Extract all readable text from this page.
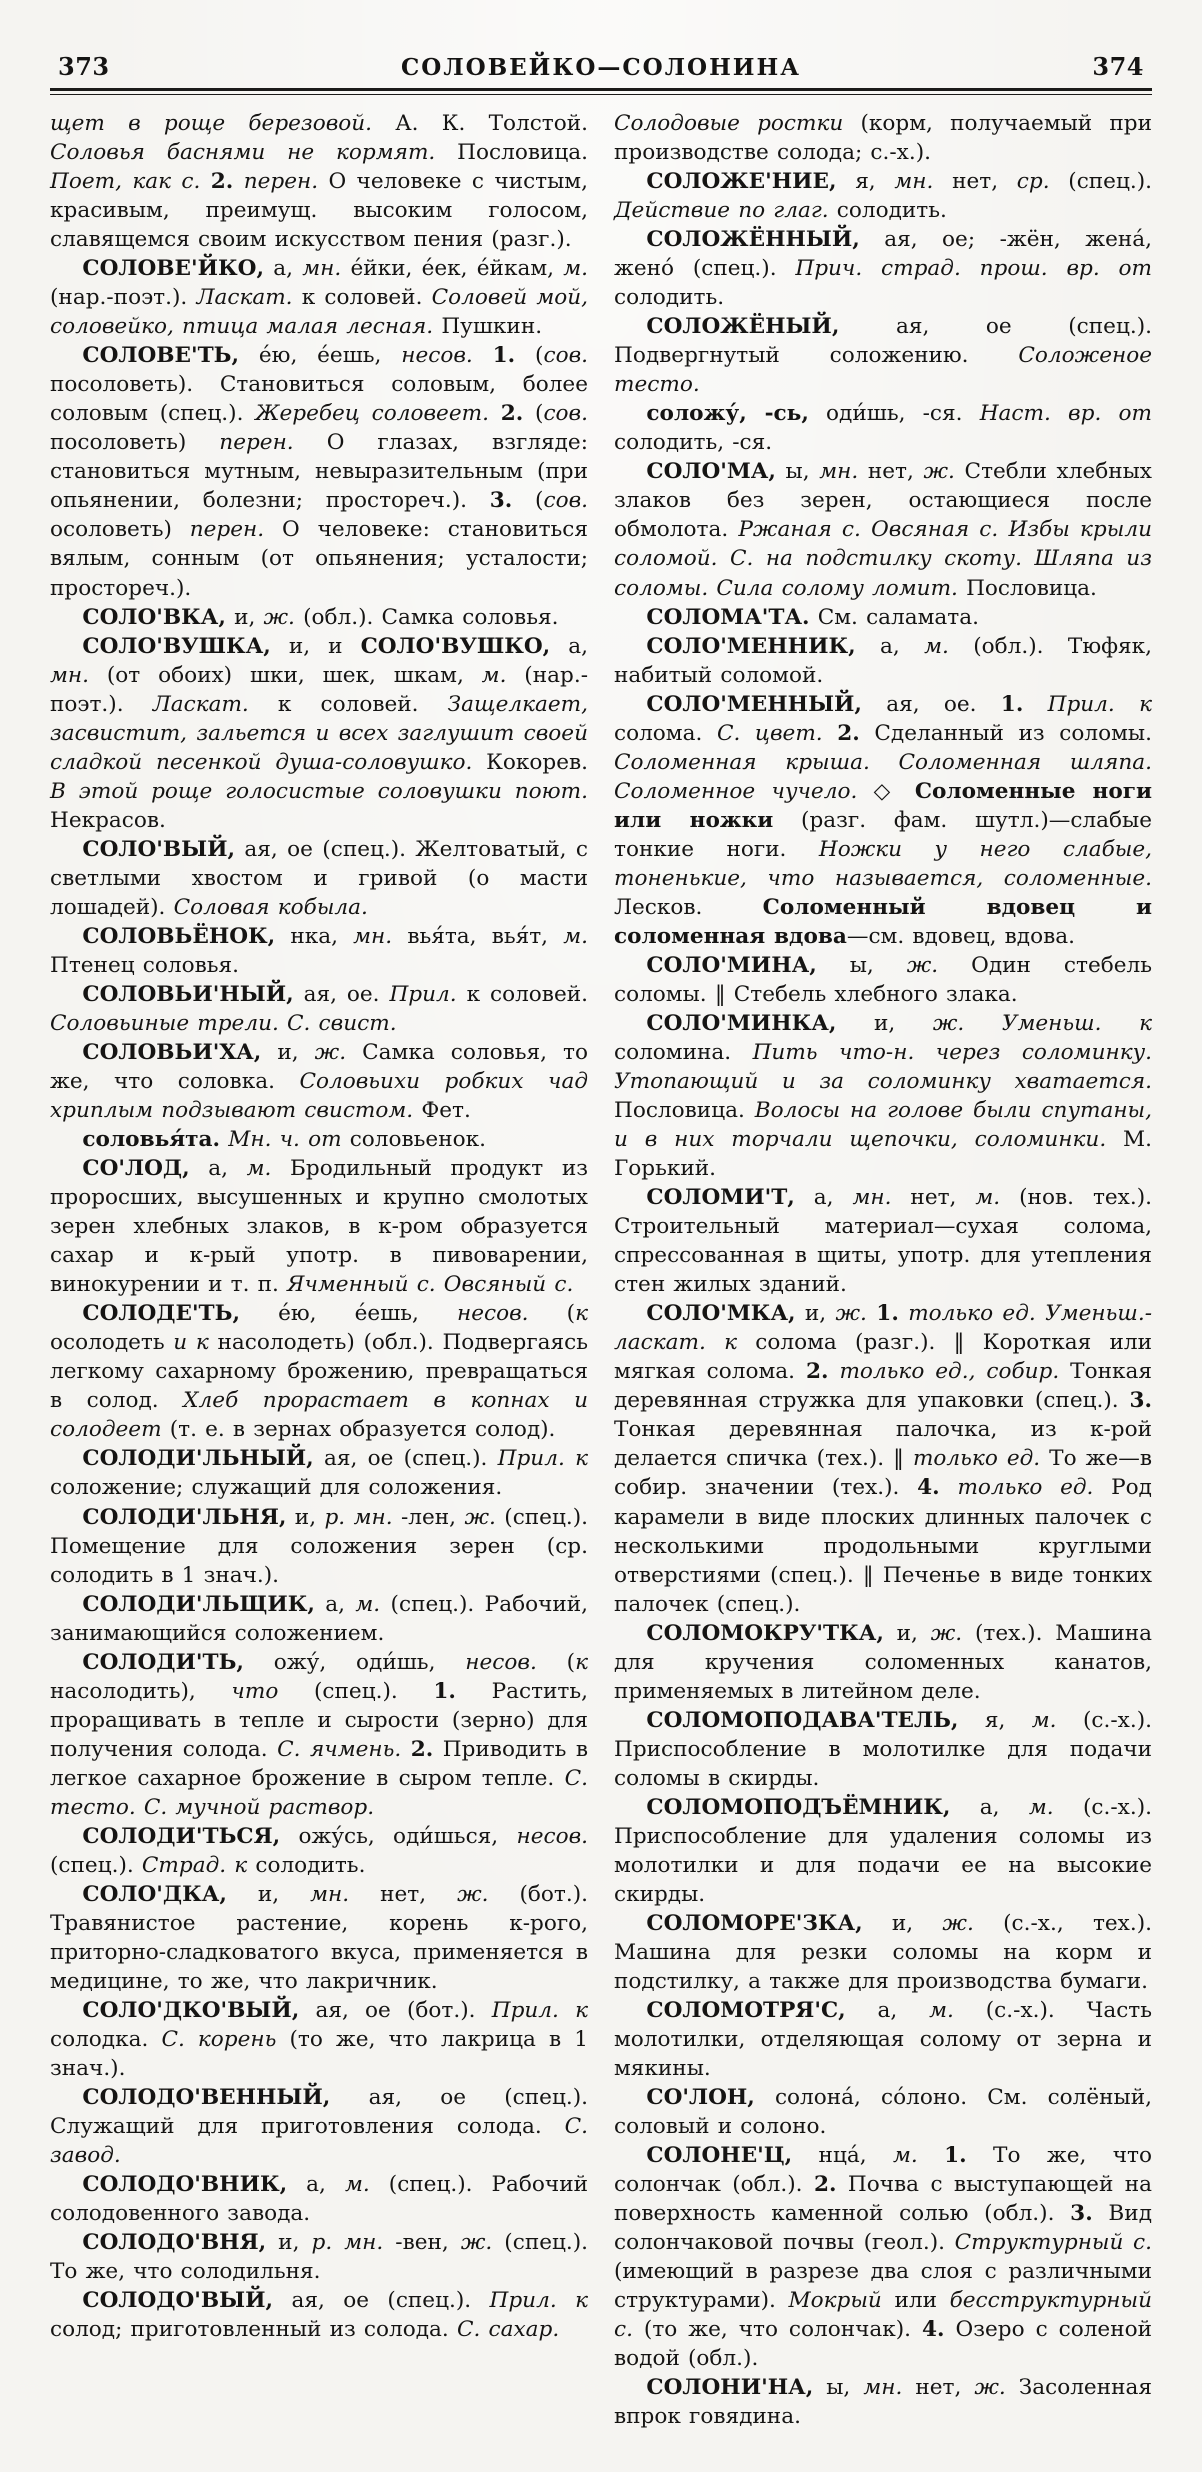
373	СОЛОВЕЙКО—СОЛОНИНА	374

щет в роще березовой. А. К. Толстой. Соловья баснями не кормят. Пословица. Поет, как с. 2. перен. О человеке с чистым, красивым, преимущ. высоким голосом, славящемся своим искусством пения (разг.).

СОЛОВЕ'ЙКО, а, мн. е́йки, е́ек, е́йкам, м. (нар.-поэт.). Ласкат. к соловей. Соловей мой, соловейко, птица малая лесная. Пушкин.

СОЛОВЕ'ТЬ, е́ю, е́ешь, несов. 1. (сов. посоловеть). Становиться соловым, более соловым (спец.). Жеребец соловеет. 2. (сов. посоловеть) перен. О глазах, взгляде: становиться мутным, невыразительным (при опьянении, болезни; простореч.). 3. (сов. осоловеть) перен. О человеке: становиться вялым, сонным (от опьянения; усталости; простореч.).

СОЛО'ВКА, и, ж. (обл.). Самка соловья.

СОЛО'ВУШКА, и, и СОЛО'ВУШКО, а, мн. (от обоих) шки, шек, шкам, м. (нар.-поэт.). Ласкат. к соловей. Защелкает, засвистит, зальется и всех заглушит своей сладкой песенкой душа-соловушко. Кокорев. В этой роще голосистые соловушки поют. Некрасов.

СОЛО'ВЫЙ, ая, ое (спец.). Желтоватый, с светлыми хвостом и гривой (о масти лошадей). Соловая кобыла.

СОЛОВЬЁНОК, нка, мн. вья́та, вья́т, м. Птенец соловья.

СОЛОВЬИ'НЫЙ, ая, ое. Прил. к соловей. Соловьиные трели. С. свист.

СОЛОВЬИ'ХА, и, ж. Самка соловья, то же, что соловка. Соловьихи робких чад хриплым подзывают свистом. Фет.

соловья́та. Мн. ч. от соловьенок.

СО'ЛОД, а, м. Бродильный продукт из проросших, высушенных и крупно смолотых зерен хлебных злаков, в к-ром образуется сахар и к-рый употр. в пивоварении, винокурении и т. п. Ячменный с. Овсяный с.

СОЛОДЕ'ТЬ, е́ю, е́ешь, несов. (к осолодеть и к насолодеть) (обл.). Подвергаясь легкому сахарному брожению, превращаться в солод. Хлеб прорастает в копнах и солодеет (т. е. в зернах образуется солод).

СОЛОДИ'ЛЬНЫЙ, ая, ое (спец.). Прил. к соложение; служащий для соложения.

СОЛОДИ'ЛЬНЯ, и, р. мн. -лен, ж. (спец.). Помещение для соложения зерен (ср. солодить в 1 знач.).

СОЛОДИ'ЛЬЩИК, а, м. (спец.). Рабочий, занимающийся соложением.

СОЛОДИ'ТЬ, ожу́, оди́шь, несов. (к насолодить), что (спец.). 1. Растить, проращивать в тепле и сырости (зерно) для получения солода. С. ячмень. 2. Приводить в легкое сахарное брожение в сыром тепле. С. тесто. С. мучной раствор.

СОЛОДИ'ТЬСЯ, ожу́сь, оди́шься, несов. (спец.). Страд. к солодить.

СОЛО'ДКА, и, мн. нет, ж. (бот.). Травянистое растение, корень к-рого, приторно-сладковатого вкуса, применяется в медицине, то же, что лакричник.

СОЛО'ДКО'ВЫЙ, ая, ое (бот.). Прил. к солодка. С. корень (то же, что лакрица в 1 знач.).

СОЛОДО'ВЕННЫЙ, ая, ое (спец.). Служащий для приготовления солода. С. завод.

СОЛОДО'ВНИК, а, м. (спец.). Рабочий солодовенного завода.

СОЛОДО'ВНЯ, и, р. мн. -вен, ж. (спец.). То же, что солодильня.

СОЛОДО'ВЫЙ, ая, ое (спец.). Прил. к солод; приготовленный из солода. С. сахар.

Солодовые ростки (корм, получаемый при производстве солода; с.-х.).

СОЛОЖЕ'НИЕ, я, мн. нет, ср. (спец.). Действие по глаг. солодить.

СОЛОЖЁННЫЙ, ая, ое; -жён, жена́, жено́ (спец.). Прич. страд. прош. вр. от солодить.

СОЛОЖЁНЫЙ, ая, ое (спец.). Подвергнутый соложению. Соложеное тесто.

соложу́, -сь, оди́шь, -ся. Наст. вр. от солодить, -ся.

СОЛО'МА, ы, мн. нет, ж. Стебли хлебных злаков без зерен, остающиеся после обмолота. Ржаная с. Овсяная с. Избы крыли соломой. С. на подстилку скоту. Шляпа из соломы. Сила солому ломит. Пословица.

СОЛОМА'ТА. См. саламата.

СОЛО'МЕННИК, а, м. (обл.). Тюфяк, набитый соломой.

СОЛО'МЕННЫЙ, ая, ое. 1. Прил. к солома. С. цвет. 2. Сделанный из соломы. Соломенная крыша. Соломенная шляпа. Соломенное чучело. ◇ Соломенные ноги или ножки (разг. фам. шутл.)—слабые тонкие ноги. Ножки у него слабые, тоненькие, что называется, соломенные. Лесков. Соломенный вдовец и соломенная вдова—см. вдовец, вдова.

СОЛО'МИНА, ы, ж. Один стебель соломы. ‖ Стебель хлебного злака.

СОЛО'МИНКА, и, ж. Уменьш. к соломина. Пить что-н. через соломинку. Утопающий и за соломинку хватается. Пословица. Волосы на голове были спутаны, и в них торчали щепочки, соломинки. М. Горький.

СОЛОМИ'Т, а, мн. нет, м. (нов. тех.). Строительный материал—сухая солома, спрессованная в щиты, употр. для утепления стен жилых зданий.

СОЛО'МКА, и, ж. 1. только ед. Уменьш.-ласкат. к солома (разг.). ‖ Короткая или мягкая солома. 2. только ед., собир. Тонкая деревянная стружка для упаковки (спец.). 3. Тонкая деревянная палочка, из к-рой делается спичка (тех.). ‖ только ед. То же—в собир. значении (тех.). 4. только ед. Род карамели в виде плоских длинных палочек с несколькими продольными круглыми отверстиями (спец.). ‖ Печенье в виде тонких палочек (спец.).

СОЛОМОКРУ'ТКА, и, ж. (тех.). Машина для кручения соломенных канатов, применяемых в литейном деле.

СОЛОМОПОДАВА'ТЕЛЬ, я, м. (с.-х.). Приспособление в молотилке для подачи соломы в скирды.

СОЛОМОПОДЪЁМНИК, а, м. (с.-х.). Приспособление для удаления соломы из молотилки и для подачи ее на высокие скирды.

СОЛОМОРЕ'ЗКА, и, ж. (с.-х., тех.). Машина для резки соломы на корм и подстилку, а также для производства бумаги.

СОЛОМОТРЯ'С, а, м. (с.-х.). Часть молотилки, отделяющая солому от зерна и мякины.

СО'ЛОН, солона́, со́лоно. См. солёный, соловый и солоно.

СОЛОНЕ'Ц, нца́, м. 1. То же, что солончак (обл.). 2. Почва с выступающей на поверхность каменной солью (обл.). 3. Вид солончаковой почвы (геол.). Структурный с. (имеющий в разрезе два слоя с различными структурами). Мокрый или бесструктурный с. (то же, что солончак). 4. Озеро с соленой водой (обл.).

СОЛОНИ'НА, ы, мн. нет, ж. Засоленная впрок говядина.
